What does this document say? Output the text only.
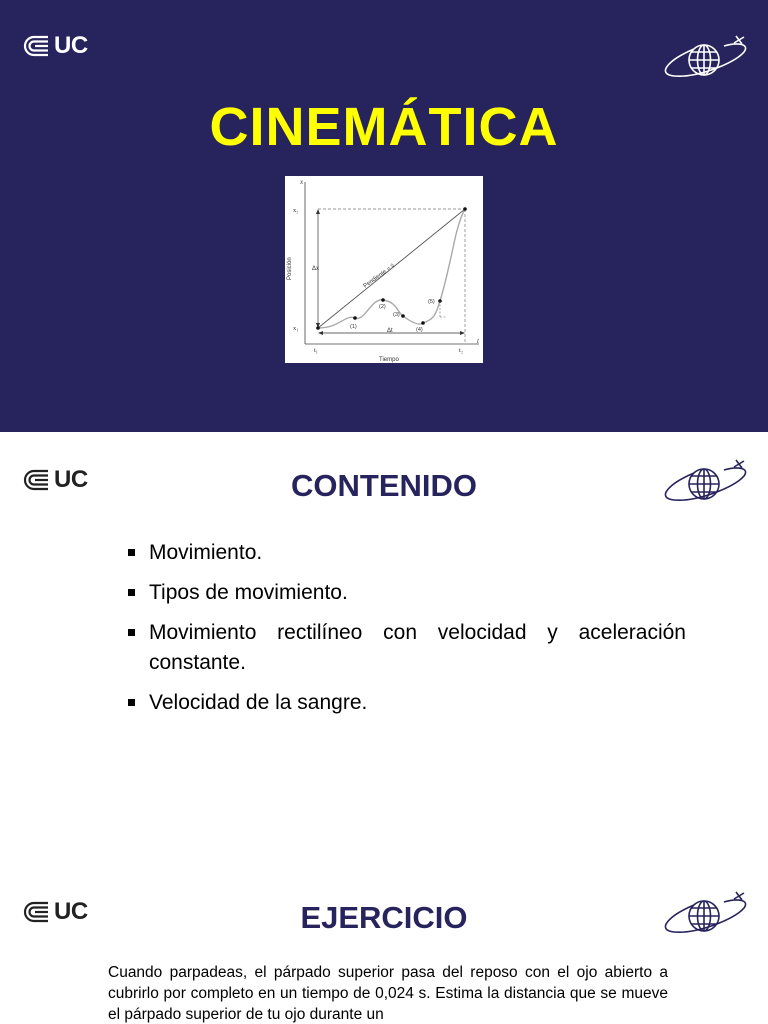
UC
CINEMÁTICA
x
t
x₂
x₁
t₁	t₂
Tiempo
Posición	Δx
Δt
Pendiente = v̄
(1)
(2)
(3)
(4)
(5)
UC	CONTENIDO
Movimiento.
Tipos de movimiento.
Movimiento rectilíneo con velocidad y aceleración constante.
Velocidad de la sangre.
UC	EJERCICIO

Cuando parpadeas, el párpado superior pasa del reposo con el ojo abierto a cubrirlo por completo en un tiempo de 0,024 s. Estima la distancia que se mueve el párpado superior de tu ojo durante un
